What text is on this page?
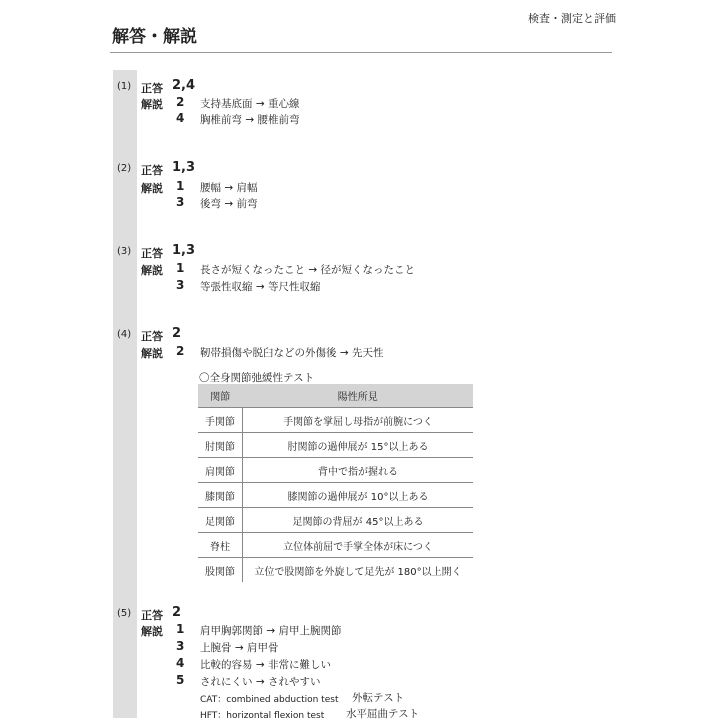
検査・測定と評価
解答・解説
(1) 正答 2,4
解説 2 支持基底面 → 重心線
4 胸椎前弯 → 腰椎前弯
(2) 正答 1,3
解説 1 腰幅 → 肩幅
3 後弯 → 前弯
(3) 正答 1,3
解説 1 長さが短くなったこと → 径が短くなったこと
3 等張性収縮 → 等尺性収縮
(4) 正答 2
解説 2 靭帯損傷や脱臼などの外傷後 → 先天性
(5) 正答 2
解説 1 肩甲胸郭関節 → 肩甲上腕関節
3 上腕骨 → 肩甲骨
4 比較的容易 → 非常に難しい
5 されにくい → されやすい
CAT：combined abduction test 外転テスト
HFT：horizontal flexion test 水平屈曲テスト
〇全身関節弛緩性テスト
関節	陽性所見
手関節	手関節を掌屈し母指が前腕につく
肘関節	肘関節の過伸展が 15°以上ある
肩関節	背中で指が握れる
膝関節	膝関節の過伸展が 10°以上ある
足関節	足関節の背屈が 45°以上ある
脊柱	立位体前屈で手掌全体が床につく
股関節	立位で股関節を外旋して足先が 180°以上開く
